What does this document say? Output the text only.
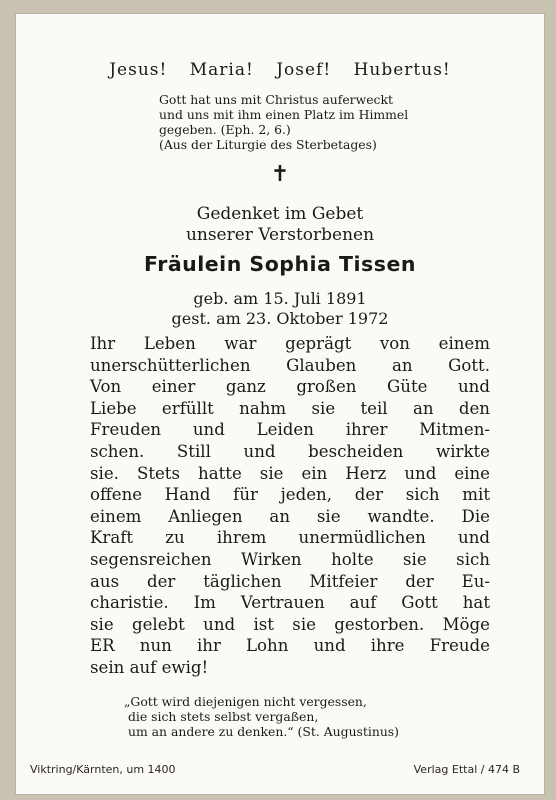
Jesus! Maria! Josef! Hubertus!
Gott hat uns mit Christus auferweckt
und uns mit ihm einen Platz im Himmel
gegeben. (Eph. 2, 6.)
(Aus der Liturgie des Sterbetages)
✝
Gedenket im Gebet
unserer Verstorbenen
Fräulein Sophia Tissen
geb. am 15. Juli 1891
gest. am 23. Oktober 1972
Ihr Leben war geprägt von einem
unerschütterlichen Glauben an Gott.
Von einer ganz großen Güte und
Liebe erfüllt nahm sie teil an den
Freuden und Leiden ihrer Mitmen-
schen. Still und bescheiden wirkte
sie. Stets hatte sie ein Herz und eine
offene Hand für jeden, der sich mit
einem Anliegen an sie wandte. Die
Kraft zu ihrem unermüdlichen und
segensreichen Wirken holte sie sich
aus der täglichen Mitfeier der Eu-
charistie. Im Vertrauen auf Gott hat
sie gelebt und ist sie gestorben. Möge
ER nun ihr Lohn und ihre Freude
sein auf ewig!
„Gott wird diejenigen nicht vergessen,
die sich stets selbst vergaßen,
um an andere zu denken.“ (St. Augustinus)
Viktring/Kärnten, um 1400	Verlag Ettal / 474 B
